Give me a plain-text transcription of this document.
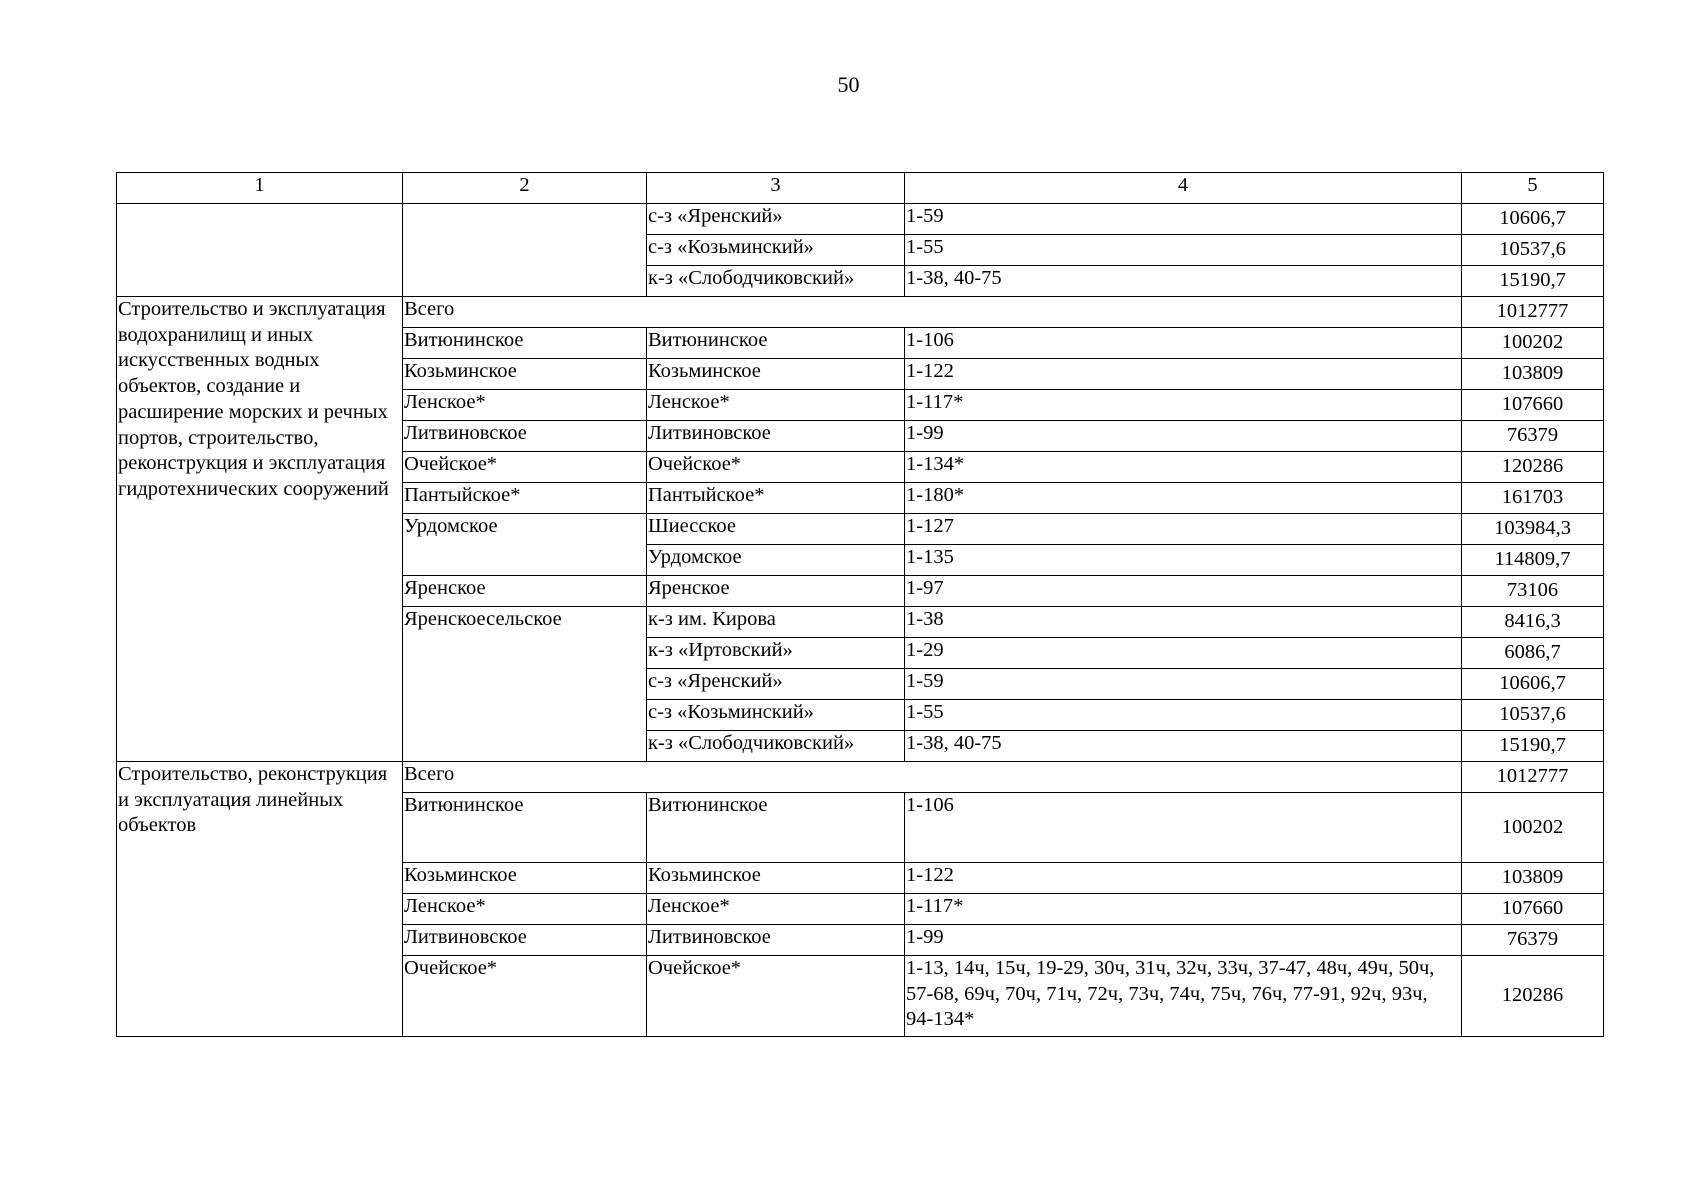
50
1	2	3	4	5
		с-з «Яренский»	1-59	10606,7
		с-з «Козьминский»	1-55	10537,6
		к-з «Слободчиковский»	1-38, 40-75	15190,7
Строительство и эксплуатация водохранилищ и иных искусственных водных объектов, создание и расширение морских и речных портов, строительство, реконструкция и эксплуатация гидротехнических сооружений	Всего			1012777
	Витюнинское	Витюнинское	1-106	100202
	Козьминское	Козьминское	1-122	103809
	Ленское*	Ленское*	1-117*	107660
	Литвиновское	Литвиновское	1-99	76379
	Очейское*	Очейское*	1-134*	120286
	Пантыйское*	Пантыйское*	1-180*	161703
	Урдомское	Шиесское	1-127	103984,3
		Урдомское	1-135	114809,7
	Яренское	Яренское	1-97	73106
	Яренскоесельское	к-з им. Кирова	1-38	8416,3
		к-з «Иртовский»	1-29	6086,7
		с-з «Яренский»	1-59	10606,7
		с-з «Козьминский»	1-55	10537,6
		к-з «Слободчиковский»	1-38, 40-75	15190,7
Строительство, реконструкция и эксплуатация линейных объектов	Всего			1012777
	Витюнинское	Витюнинское	1-106	100202
	Козьминское	Козьминское	1-122	103809
	Ленское*	Ленское*	1-117*	107660
	Литвиновское	Литвиновское	1-99	76379
	Очейское*	Очейское*	1-13, 14ч, 15ч, 19-29, 30ч, 31ч, 32ч, 33ч, 37-47, 48ч, 49ч, 50ч, 57-68, 69ч, 70ч, 71ч, 72ч, 73ч, 74ч, 75ч, 76ч, 77-91, 92ч, 93ч, 94-134*	120286
